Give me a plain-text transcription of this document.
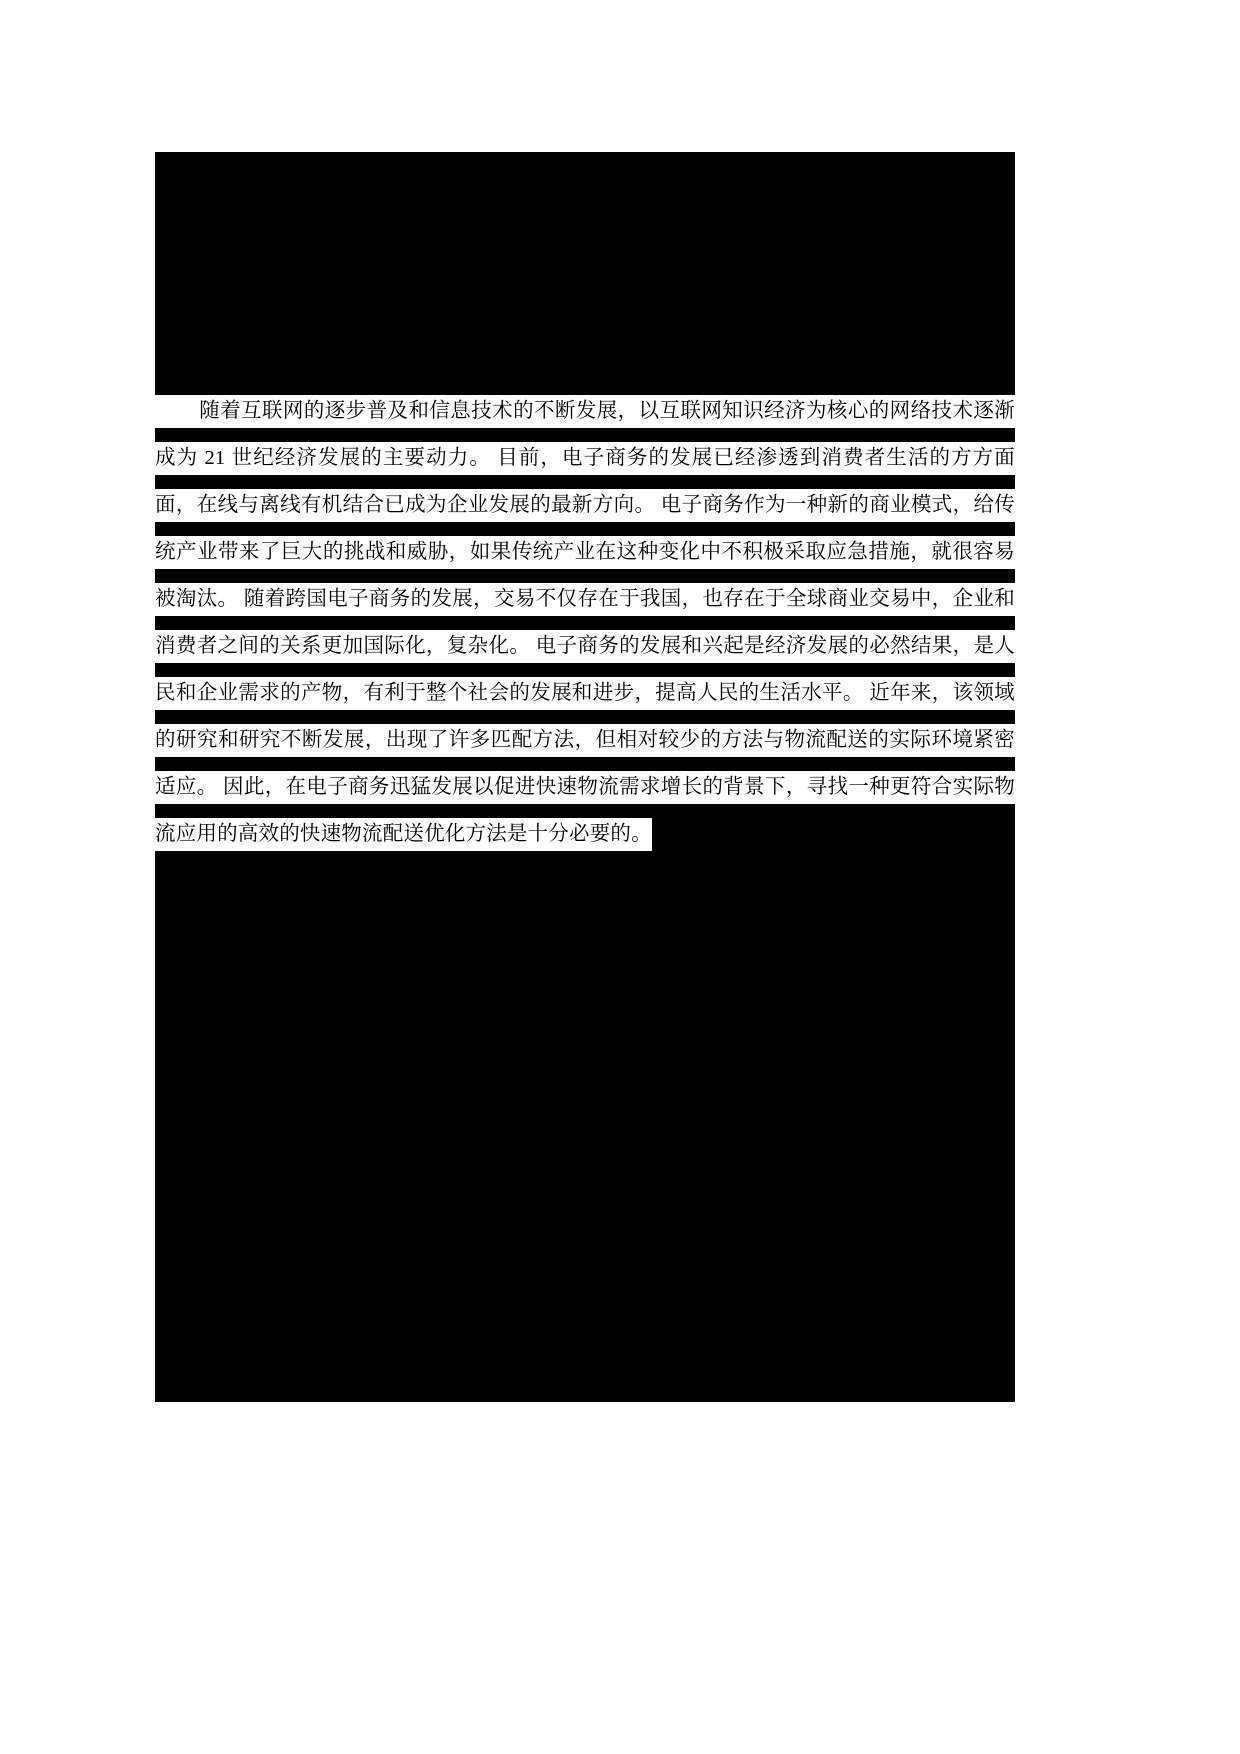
随着互联网的逐步普及和信息技术的不断发展，以互联网知识经济为核心的网络技术逐渐成为 21 世纪经济发展的主要动力。 目前，电子商务的发展已经渗透到消费者生活的方方面面，在线与离线有机结合已成为企业发展的最新方向。 电子商务作为一种新的商业模式，给传统产业带来了巨大的挑战和威胁，如果传统产业在这种变化中不积极采取应急措施，就很容易被淘汰。 随着跨国电子商务的发展，交易不仅存在于我国，也存在于全球商业交易中，企业和消费者之间的关系更加国际化，复杂化。 电子商务的发展和兴起是经济发展的必然结果，是人民和企业需求的产物，有利于整个社会的发展和进步，提高人民的生活水平。 近年来，该领域的研究和研究不断发展，出现了许多匹配方法，但相对较少的方法与物流配送的实际环境紧密适应。 因此，在电子商务迅猛发展以促进快速物流需求增长的背景下，寻找一种更符合实际物流应用的高效的快速物流配送优化方法是十分必要的。
